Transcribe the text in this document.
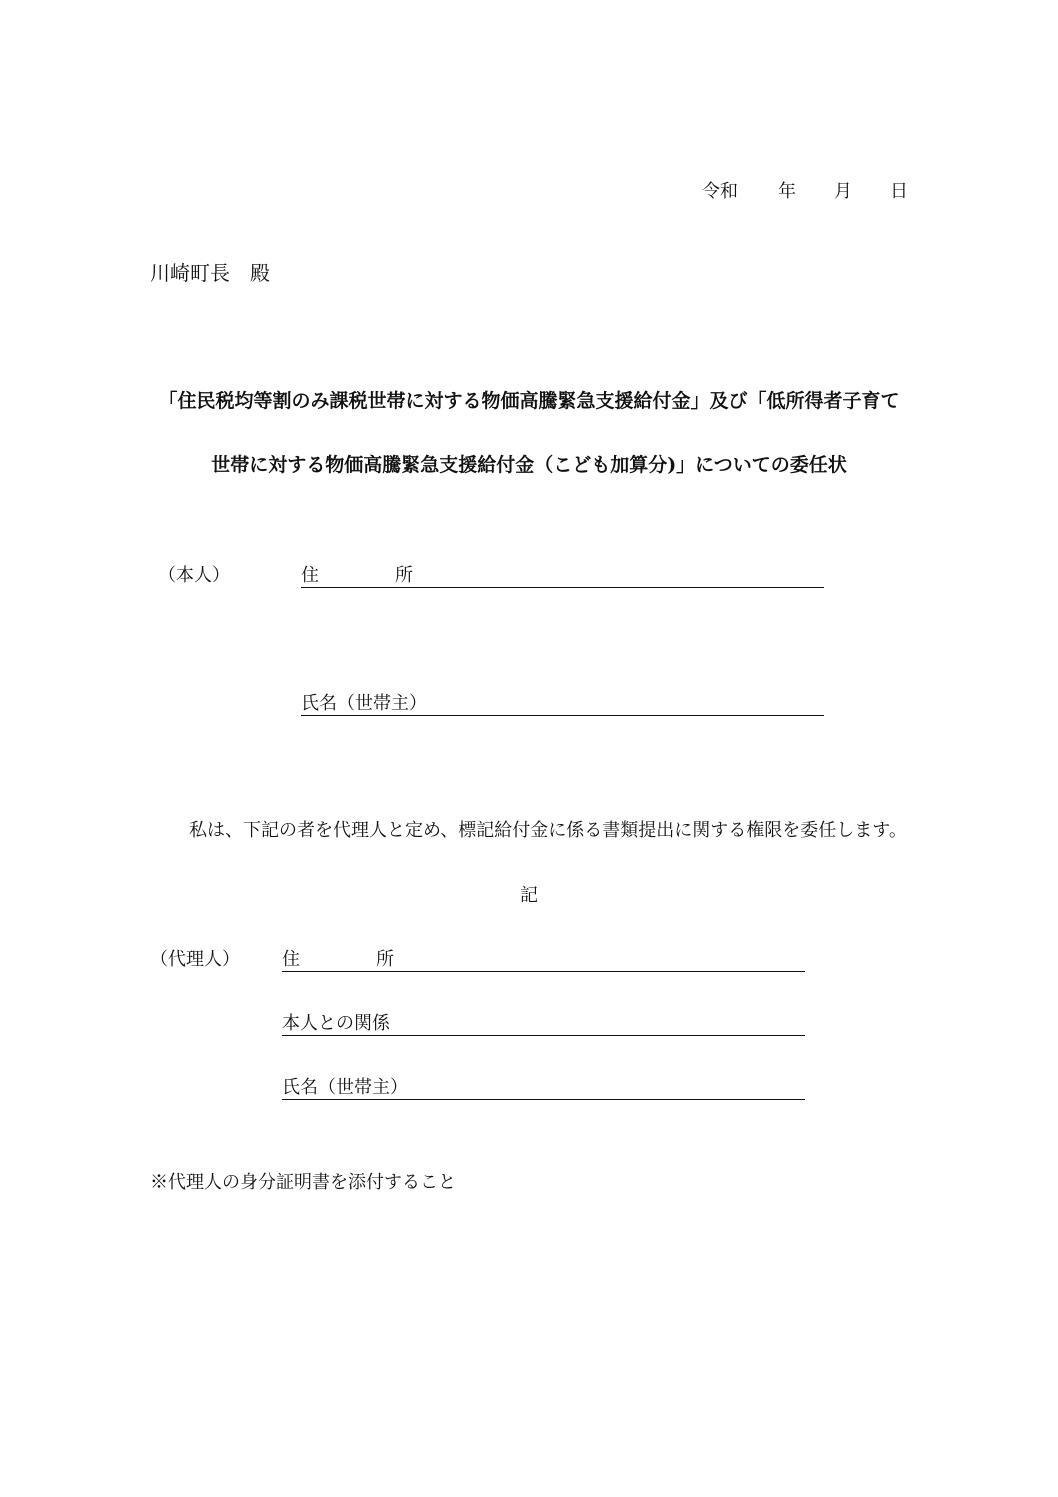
令和 年 月 日
川崎町長　殿
「住民税均等割のみ課税世帯に対する物価高騰緊急支援給付金」及び「低所得者子育て
世帯に対する物価高騰緊急支援給付金（こども加算分)」についての委任状
（本人）	住	所
氏名（世帯主）
私は、下記の者を代理人と定め、標記給付金に係る書類提出に関する権限を委任します。
記
（代理人） 住	所
本人との関係
氏名（世帯主）
※代理人の身分証明書を添付すること
